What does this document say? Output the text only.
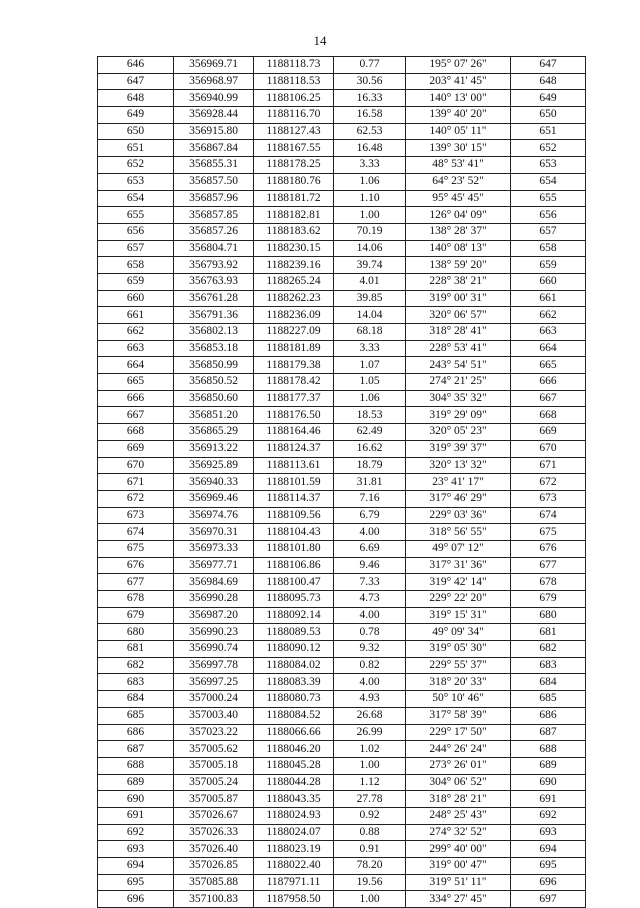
14
646	356969.71	1188118.73	0.77	195° 07' 26"	647
647	356968.97	1188118.53	30.56	203° 41' 45"	648
648	356940.99	1188106.25	16.33	140° 13' 00"	649
649	356928.44	1188116.70	16.58	139° 40' 20"	650
650	356915.80	1188127.43	62.53	140° 05' 11"	651
651	356867.84	1188167.55	16.48	139° 30' 15"	652
652	356855.31	1188178.25	3.33	48° 53' 41"	653
653	356857.50	1188180.76	1.06	64° 23' 52"	654
654	356857.96	1188181.72	1.10	95° 45' 45"	655
655	356857.85	1188182.81	1.00	126° 04' 09"	656
656	356857.26	1188183.62	70.19	138° 28' 37"	657
657	356804.71	1188230.15	14.06	140° 08' 13"	658
658	356793.92	1188239.16	39.74	138° 59' 20"	659
659	356763.93	1188265.24	4.01	228° 38' 21"	660
660	356761.28	1188262.23	39.85	319° 00' 31"	661
661	356791.36	1188236.09	14.04	320° 06' 57"	662
662	356802.13	1188227.09	68.18	318° 28' 41"	663
663	356853.18	1188181.89	3.33	228° 53' 41"	664
664	356850.99	1188179.38	1.07	243° 54' 51"	665
665	356850.52	1188178.42	1.05	274° 21' 25"	666
666	356850.60	1188177.37	1.06	304° 35' 32"	667
667	356851.20	1188176.50	18.53	319° 29' 09"	668
668	356865.29	1188164.46	62.49	320° 05' 23"	669
669	356913.22	1188124.37	16.62	319° 39' 37"	670
670	356925.89	1188113.61	18.79	320° 13' 32"	671
671	356940.33	1188101.59	31.81	23° 41' 17"	672
672	356969.46	1188114.37	7.16	317° 46' 29"	673
673	356974.76	1188109.56	6.79	229° 03' 36"	674
674	356970.31	1188104.43	4.00	318° 56' 55"	675
675	356973.33	1188101.80	6.69	49° 07' 12"	676
676	356977.71	1188106.86	9.46	317° 31' 36"	677
677	356984.69	1188100.47	7.33	319° 42' 14"	678
678	356990.28	1188095.73	4.73	229° 22' 20"	679
679	356987.20	1188092.14	4.00	319° 15' 31"	680
680	356990.23	1188089.53	0.78	49° 09' 34"	681
681	356990.74	1188090.12	9.32	319° 05' 30"	682
682	356997.78	1188084.02	0.82	229° 55' 37"	683
683	356997.25	1188083.39	4.00	318° 20' 33"	684
684	357000.24	1188080.73	4.93	50° 10' 46"	685
685	357003.40	1188084.52	26.68	317° 58' 39"	686
686	357023.22	1188066.66	26.99	229° 17' 50"	687
687	357005.62	1188046.20	1.02	244° 26' 24"	688
688	357005.18	1188045.28	1.00	273° 26' 01"	689
689	357005.24	1188044.28	1.12	304° 06' 52"	690
690	357005.87	1188043.35	27.78	318° 28' 21"	691
691	357026.67	1188024.93	0.92	248° 25' 43"	692
692	357026.33	1188024.07	0.88	274° 32' 52"	693
693	357026.40	1188023.19	0.91	299° 40' 00"	694
694	357026.85	1188022.40	78.20	319° 00' 47"	695
695	357085.88	1187971.11	19.56	319° 51' 11"	696
696	357100.83	1187958.50	1.00	334° 27' 45"	697
